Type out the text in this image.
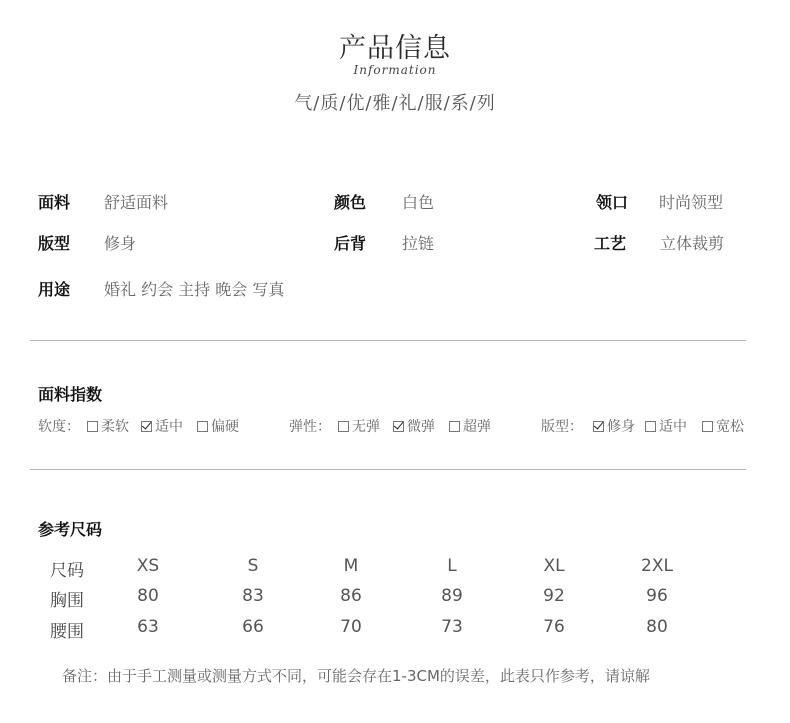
产品信息
Information
气/质/优/雅/礼/服/系/列
面料 舒适面料	颜色 白色	领口 时尚领型
版型 修身	后背 拉链	工艺 立体裁剪
用途 婚礼 约会 主持 晚会 写真
面料指数
软度：	柔软	适中	偏硬	弹性：	无弹	微弹	超弹	版型：	修身	适中	宽松
参考尺码
尺码	XS	S	M	L	XL	2XL
胸围	80	83	86	89	92	96
腰围	63	66	70	73	76	80
备注：由于手工测量或测量方式不同，可能会存在1-3CM的误差，此表只作参考，请谅解
